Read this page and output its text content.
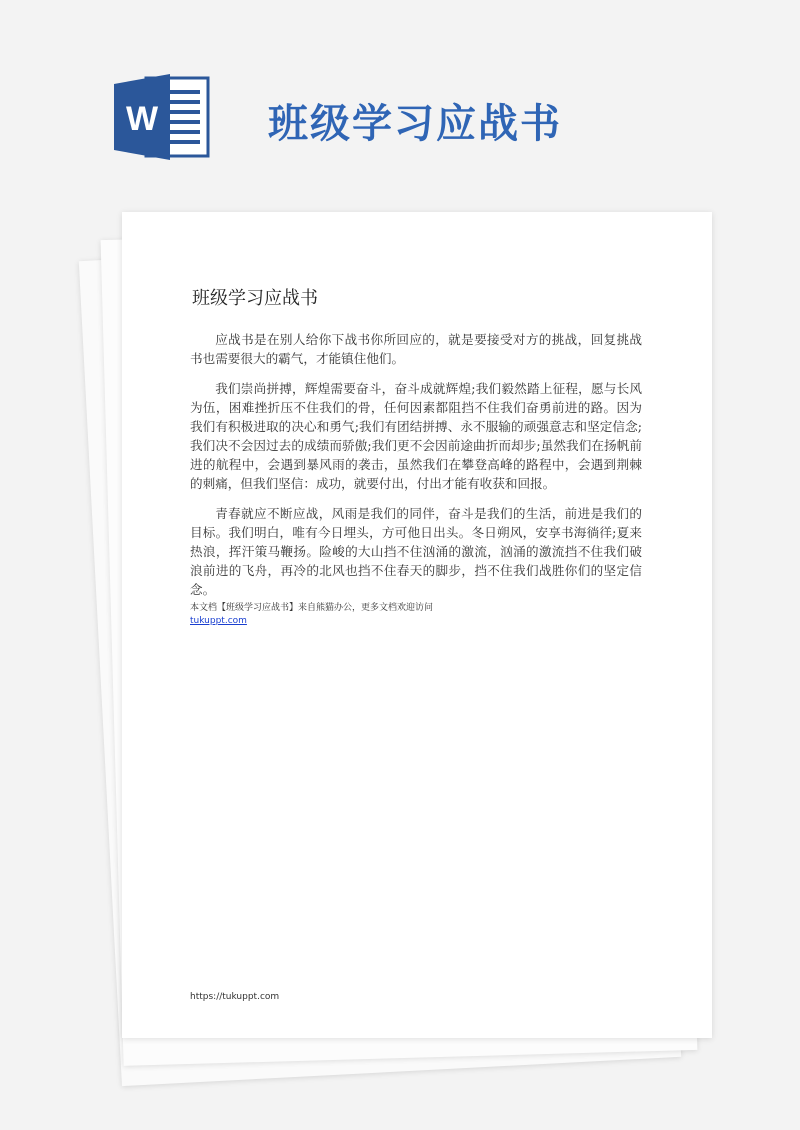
W	班级学习应战书
班级学习应战书

应战书是在别人给你下战书你所回应的，就是要接受对方的挑战，回复挑战书也需要很大的霸气，才能镇住他们。

我们崇尚拼搏，辉煌需要奋斗，奋斗成就辉煌;我们毅然踏上征程，愿与长风为伍，困难挫折压不住我们的骨，任何因素都阻挡不住我们奋勇前进的路。因为我们有积极进取的决心和勇气;我们有团结拼搏、永不服输的顽强意志和坚定信念;我们决不会因过去的成绩而骄傲;我们更不会因前途曲折而却步;虽然我们在扬帆前进的航程中，会遇到暴风雨的袭击，虽然我们在攀登高峰的路程中，会遇到荆棘的刺痛，但我们坚信：成功，就要付出，付出才能有收获和回报。

青春就应不断应战，风雨是我们的同伴，奋斗是我们的生活，前进是我们的目标。我们明白，唯有今日埋头，方可他日出头。冬日朔风，安享书海徜徉;夏来热浪，挥汗策马鞭扬。险峻的大山挡不住汹涌的激流，汹涌的激流挡不住我们破浪前进的飞舟，再冷的北风也挡不住春天的脚步，挡不住我们战胜你们的坚定信念。

本文档【班级学习应战书】来自熊猫办公，更多文档欢迎访问
tukuppt.com
https://tukuppt.com
